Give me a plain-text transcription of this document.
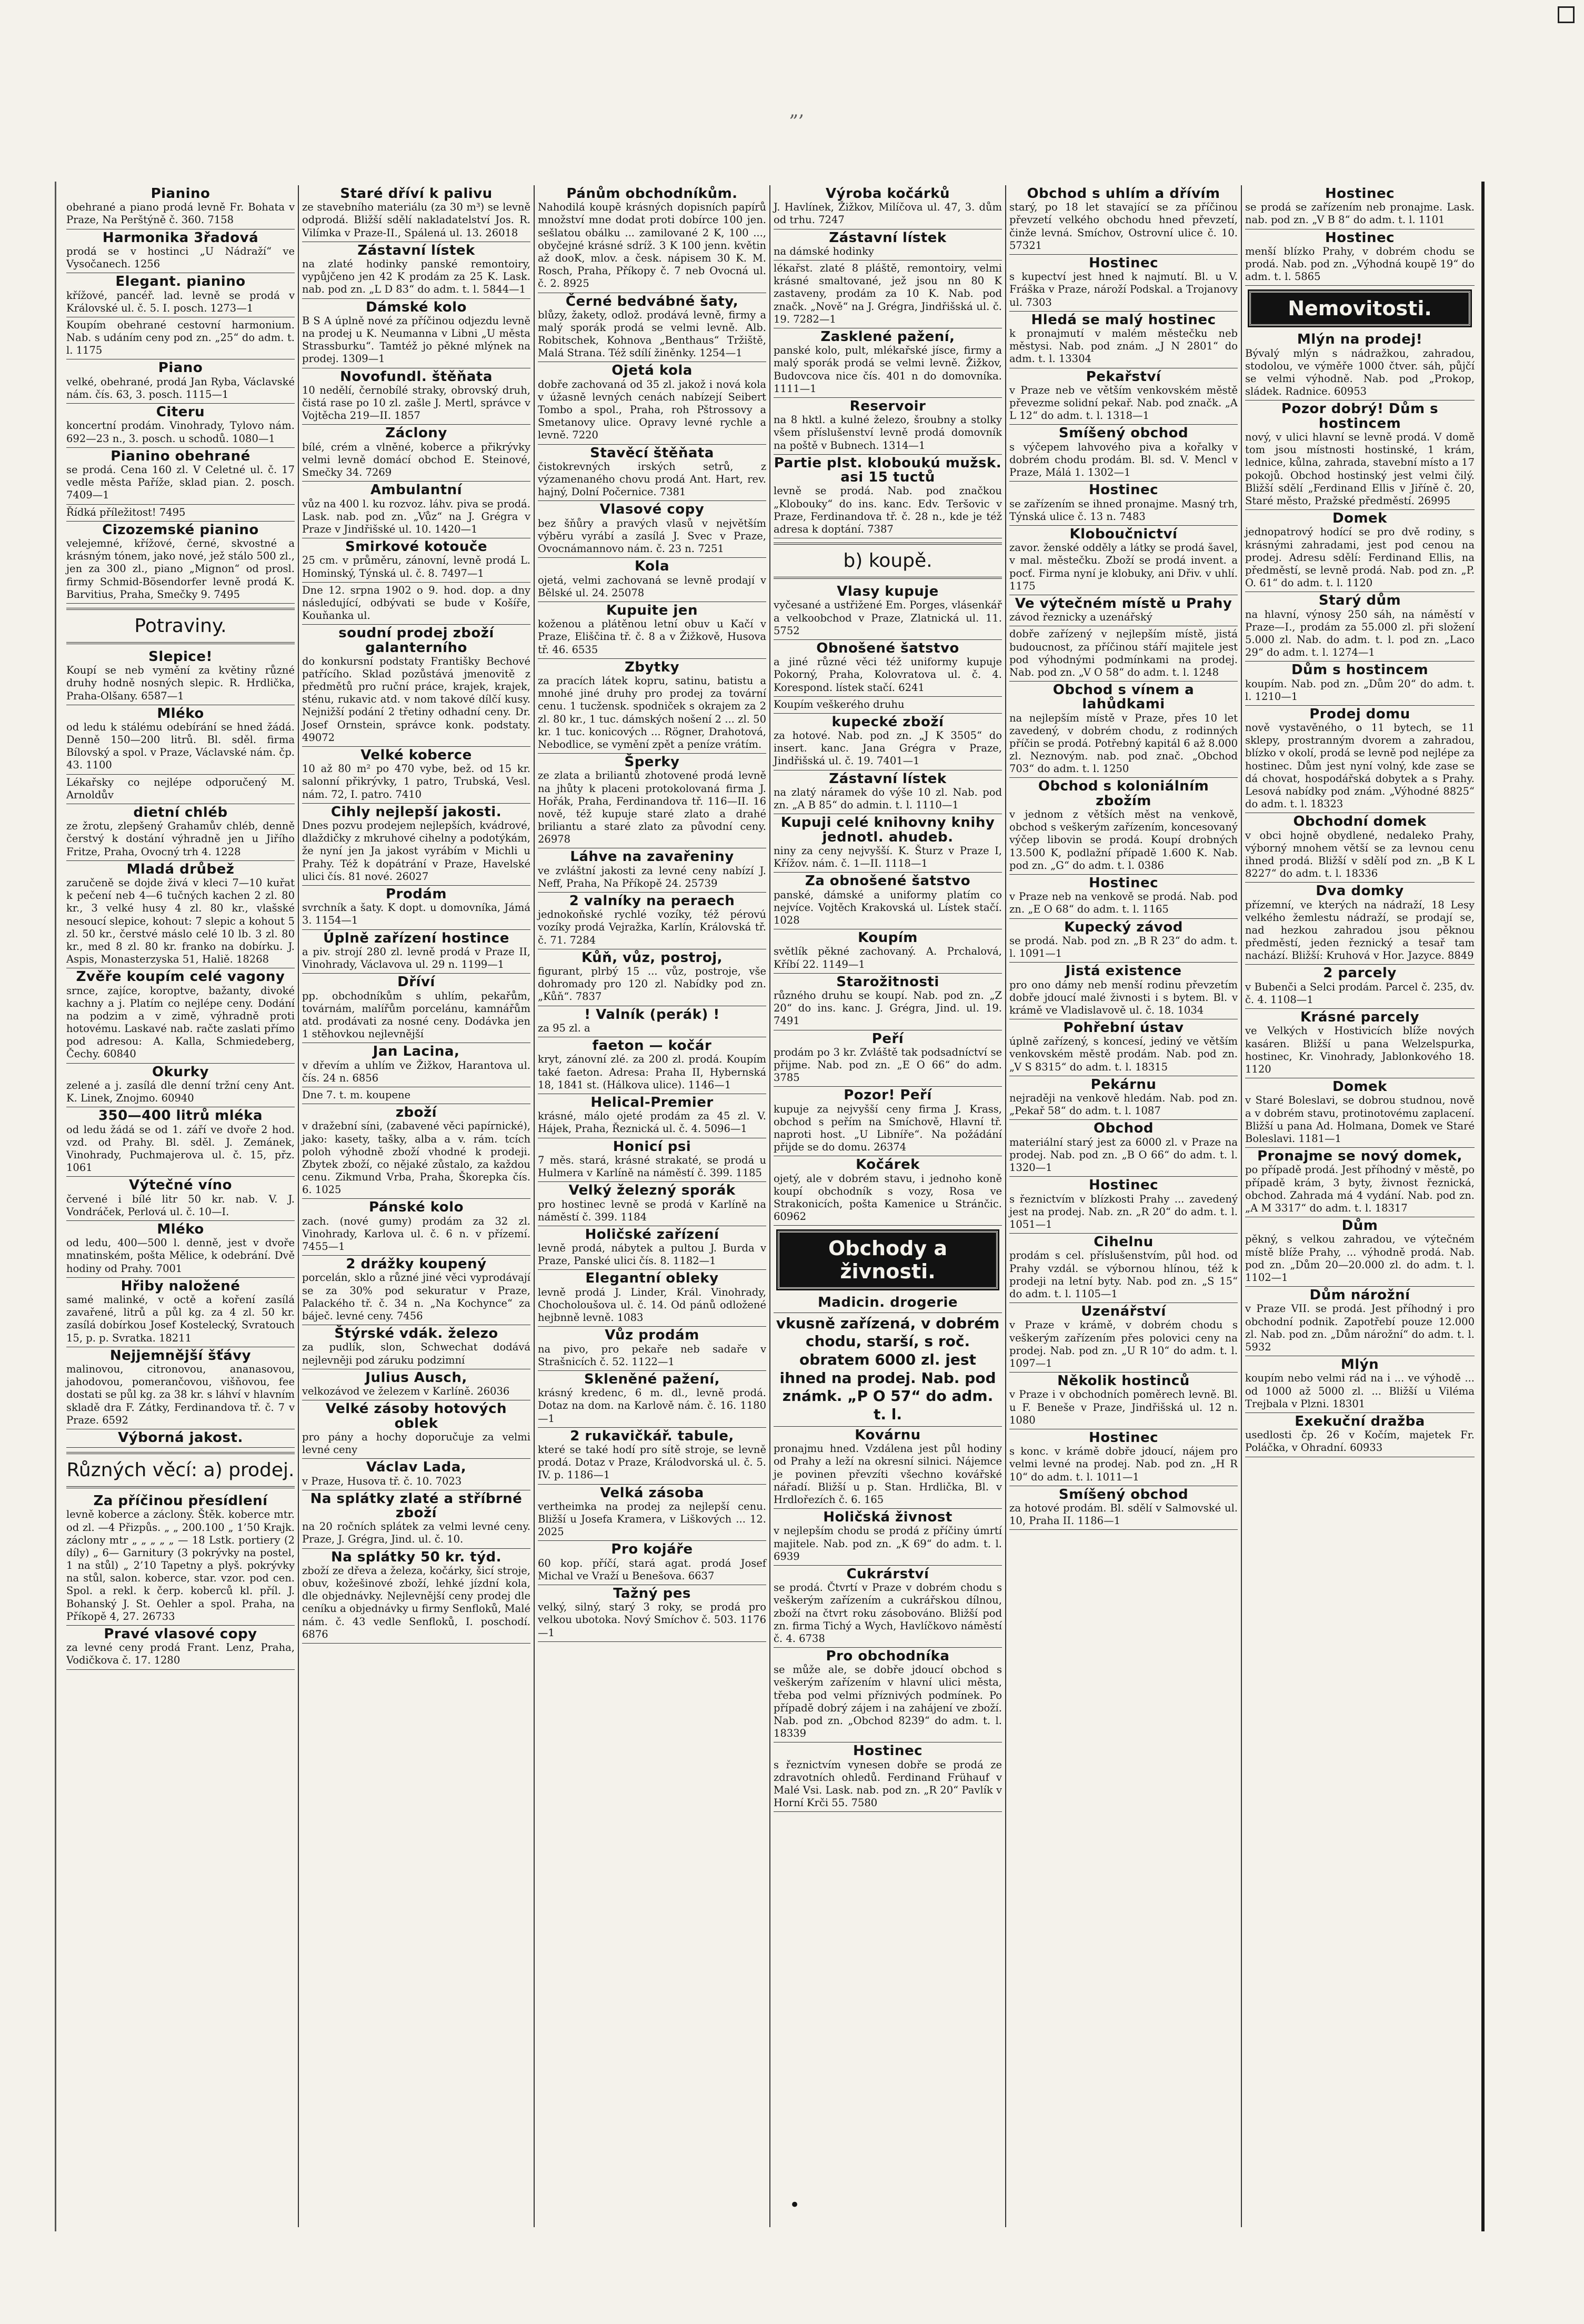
„,
Pianino
obehrané a piano prodá levně Fr. Bohata v Praze, Na Perštýně č. 360. 7158
Harmonika 3řadová
prodá se v hostinci „U Nádraží“ ve Vysočanech. 1256
Elegant. pianino
křížové, pancéř. lad. levně se prodá v Královské ul. č. 5. I. posch. 1273—1
Koupím obehrané cestovní harmonium. Nab. s udáním ceny pod zn. „25“ do adm. t. l. 1175
Piano
velké, obehrané, prodá Jan Ryba, Václavské nám. čís. 63, 3. posch. 1115—1
Citeru
koncertní prodám. Vinohrady, Tylovo nám. 692—23 n., 3. posch. u schodů. 1080—1
Pianino obehrané
se prodá. Cena 160 zl. V Celetné ul. č. 17 vedle města Paříže, sklad pian. 2. posch. 7409—1
Řídká příležitost! 7495
Cizozemské pianino
velejemné, křížové, černé, skvostné a krásným tónem, jako nové, jež stálo 500 zl., jen za 300 zl., piano „Mignon“ od prosl. firmy Schmid-Bösendorfer levně prodá K. Barvitius, Praha, Smečky 9. 7495
Potraviny.
Slepice!
Koupí se neb vymění za květiny různé druhy hodně nosných slepic. R. Hrdlička, Praha-Olšany. 6587—1
Mléko
od ledu k stálému odebírání se hned žádá. Denně 150—200 litrů. Bl. sděl. firma Bílovský a spol. v Praze, Václavské nám. čp. 43. 1100
Lékařsky co nejlépe odporučený M. Arnoldův
dietní chléb
ze žrotu, zlepšený Grahamův chléb, denně čerstvý k dostání výhradně jen u Jiřího Fritze, Praha, Ovocný trh 4. 1228
Mladá drůbež
zaručeně se dojde živá v kleci 7—10 kuřat k pečení neb 4—6 tučných kachen 2 zl. 80 kr., 3 velké husy 4 zl. 80 kr., vlašské nesoucí slepice, kohout: 7 slepic a kohout 5 zl. 50 kr., čerstvé máslo celé 10 lb. 3 zl. 80 kr., med 8 zl. 80 kr. franko na dobírku. J. Aspis, Monasterzyska 51, Haliě. 18268
Zvěře koupím celé vagony
srnce, zajíce, koroptve, bažanty, divoké kachny a j. Platím co nejlépe ceny. Dodání na podzim a v zimě, výhradně proti hotovému. Laskavé nab. račte zaslati přímo pod adresou: A. Kalla, Schmiedeberg, Čechy. 60840
Okurky
zelené a j. zasílá dle denní tržní ceny Ant. K. Linek, Znojmo. 60940
350—400 litrů mléka
od ledu žádá se od 1. září ve dvoře 2 hod. vzd. od Prahy. Bl. sděl. J. Zemánek, Vinohrady, Puchmajerova ul. č. 15, přz. 1061
Výtečné víno
červené i bílé litr 50 kr. nab. V. J. Vondráček, Perlová ul. č. 10—I.
Mléko
od ledu, 400—500 l. denně, jest v dvoře mnatinském, pošta Mělice, k odebrání. Dvě hodiny od Prahy. 7001
Hřiby naložené
samé malinké, v octě a koření zasílá zavařené, litrů a půl kg. za 4 zl. 50 kr. zasílá dobírkou Josef Kostelecký, Svratouch 15, p. p. Svratka. 18211
Nejjemnější šťávy
malinovou, citronovou, ananasovou, jahodovou, pomerančovou, višňovou, fee dostati se půl kg. za 38 kr. s láhví v hlavním skladě dra F. Zátky, Ferdinandova tř. č. 7 v Praze. 6592
Výborná jakost.
Různých věcí: a) prodej.
Za příčinou přesídlení
levně koberce a záclony. Štěk. koberce mtr. od zl. —4 Přizpůs. „ „ 200.100 „ 1’50 Krajk. záclony mtr „ „ „ „ „ — 18 Lstk. portiery (2 díly) „ 6— Garnitury (3 pokrývky na postel, 1 na stůl) „ 2’10 Tapetny a plyš. pokrývky na stůl, salon. koberce, star. vzor. pod cen. Spol. a rekl. k čerp. koberců kl. příl. J. Bohanský J. St. Oehler a spol. Praha, na Příkopě 4, 27. 26733
Pravé vlasové copy
za levné ceny prodá Frant. Lenz, Praha, Vodičkova č. 17. 1280
Staré dříví k palivu
ze stavebního materiálu (za 30 m³) se levně odprodá. Bližší sdělí nakladatelství Jos. R. Vilímka v Praze-II., Spálená ul. 13. 26018
Zástavní lístek
na zlaté hodinky panské remontoiry, vypůjčeno jen 42 K prodám za 25 K. Lask. nab. pod zn. „L D 83“ do adm. t. l. 5844—1
Dámské kolo
B S A úplně nové za příčinou odjezdu levně na prodej u K. Neumanna v Libni „U města Strassburku“. Tamtéž jo pěkné mlýnek na prodej. 1309—1
Novofundl. štěňata
10 nedělí, černobílé straky, obrovský druh, čistá rase po 10 zl. zašle J. Mertl, správce v Vojtěcha 219—II. 1857
Záclony
bílé, crém a vlněné, koberce a přikrývky velmi levně domácí obchod E. Steinové, Smečky 34. 7269
Ambulantní
vůz na 400 l. ku rozvoz. láhv. piva se prodá. Lask. nab. pod zn. „Vůz“ na J. Grégra v Praze v Jindřišské ul. 10. 1420—1
Smirkové kotouče
25 cm. v průměru, zánovní, levně prodá L. Hominský, Týnská ul. č. 8. 7497—1
Dne 12. srpna 1902 o 9. hod. dop. a dny následující, odbývati se bude v Košíře, Kouňanka ul.
soudní prodej zboží galanterního
do konkursní podstaty Františky Bechové patřícího. Sklad pozůstává jmenovitě z předmětů pro ruční práce, krajek, krajek, sténu, rukavic atd. v nom takové dílčí kusy. Nejnižší podání 2 třetiny odhadní ceny. Dr. Josef Ornstein, správce konk. podstaty. 49072
Velké koberce
10 až 80 m² po 470 vybe, bež. od 15 kr. salonní přikrývky, 1 patro, Trubská, Vesl. nám. 72, I. patro. 7410
Cihly nejlepší jakosti.
Dnes pozvu prodejem nejlepších, kvádrové, dlaždičky z mkruhové cihelny a podotýkám, že nyní jen Ja jakost vyrábím v Michli u Prahy. Též k dopátrání v Praze, Havelské ulici čís. 81 nové. 26027
Prodám
svrchník a šaty. K dopt. u domovníka, Jámá 3. 1154—1
Úplně zařízení hostince
a piv. strojí 280 zl. levně prodá v Praze II, Vinohrady, Václavova ul. 29 n. 1199—1
Dříví
pp. obchodníkům s uhlím, pekařům, továrnám, malířům porcelánu, kamnářům atd. prodávati za nosné ceny. Dodávka jen 1 stěhovkou nejlevnější
Jan Lacina,
v dřevím a uhlím ve Žižkov, Harantova ul. čís. 24 n. 6856
Dne 7. t. m. koupene
zboží
v dražební síni, (zabavené věci papírnické), jako: kasety, tašky, alba a v. rám. tcích poloh výhodně zboží vhodné k prodeji. Zbytek zboží, co nějaké zůstalo, za každou cenu. Zikmund Vrba, Praha, Škorepka čís. 6. 1025
Pánské kolo
zach. (nové gumy) prodám za 32 zl. Vinohrady, Karlova ul. č. 6 n. v přízemí. 7455—1
2 drážky koupený
porcelán, sklo a různé jiné věci vyprodávají se za 30% pod sekuratur v Praze, Palackého tř. č. 34 n. „Na Kochynce“ za báječ. levné ceny. 7456
Štýrské vdák. železo
za pudlík, slon, Schwechat dodává nejlevněji pod záruku podzimní
Julius Ausch,
velkozávod ve železem v Karlíně. 26036
Velké zásoby hotových oblek
pro pány a hochy doporučuje za velmi levné ceny
Václav Lada,
v Praze, Husova tř. č. 10. 7023
Na splátky zlaté a stříbrné zboží
na 20 ročních splátek za velmi levné ceny. Praze, J. Grégra, Jind. ul. č. 10.
Na splátky 50 kr. týd.
zboží ze dřeva a železa, kočárky, šicí stroje, obuv, kožešinové zboží, lehké jízdní kola, dle objednávky. Nejlevnější ceny prodej dle ceníku a objednávky u firmy Senfloků, Malé nám. č. 43 vedle Senfloků, I. poschodí. 6876
Pánům obchodníkům.
Nahodilá koupě krásných dopisních papírů množství mne dodat proti dobírce 100 jen. sešlatou obálku ... zamilované 2 K, 100 ..., obyčejné krásné sdríž. 3 K 100 jenn. květin až dooK, mlov. a česk. nápisem 30 K. M. Rosch, Praha, Příkopy č. 7 neb Ovocná ul. č. 2. 8925
Černé bedvábné šaty,
blůzy, žakety, odlož. prodává levně, firmy a malý sporák prodá se velmi levně. Alb. Robitschek, Kohnova „Benthaus“ Tržiště, Malá Strana. Též sdílí žiněnky. 1254—1
Ojetá kola
dobře zachovaná od 35 zl. jakož i nová kola v úžasně levných cenách nabízejí Seibert Tombo a spol., Praha, roh Pštrossovy a Smetanovy ulice. Opravy levné rychle a levně. 7220
Stavěcí štěňata
čistokrevných irských setrů, z výzamenaného chovu prodá Ant. Hart, rev. hajný, Dolní Počernice. 7381
Vlasové copy
bez šňůry a pravých vlasů v největším výběru vyrábí a zasílá J. Svec v Praze, Ovocnámannovo nám. č. 23 n. 7251
Kola
ojetá, velmi zachovaná se levně prodají v Bělské ul. 24. 25078
Kupuite jen
koženou a plátěnou letní obuv u Kačí v Praze, Eliščina tř. č. 8 a v Žižkově, Husova tř. 46. 6535
Zbytky
za pracích látek kopru, satinu, batistu a mnohé jiné druhy pro prodej za tovární cenu. 1 tucžensk. spodniček s okrajem za 2 zl. 80 kr., 1 tuc. dámských nošení 2 ... zl. 50 kr. 1 tuc. konicových ... Rögner, Drahotová, Nebodlice, se vymění zpět a peníze vrátím.
Šperky
ze zlata a briliantů zhotovené prodá levně na jhůty k placeni protokolovaná firma J. Hořák, Praha, Ferdinandova tř. 116—II. 16 nově, též kupuje staré zlato a drahé briliantu a staré zlato za původní ceny. 26978
Láhve na zavařeniny
ve zvláštní jakosti za levné ceny nabízí J. Neff, Praha, Na Příkopě 24. 25739
2 valníky na peraech
jednokoňské rychlé vozíky, též pérovú vozíky prodá Vejražka, Karlín, Královská tř. č. 71. 7284
Kůň, vůz, postroj,
figurant, plrbý 15 ... vůz, postroje, vše dohromady pro 120 zl. Nabídky pod zn. „Kůň“. 7837
! Valník (perák) !
za 95 zl. a
faeton — kočár
kryt, zánovní zlé. za 200 zl. prodá. Koupím také faeton. Adresa: Praha II, Hybernská 18, 1841 st. (Hálkova ulice). 1146—1
Helical-Premier
krásné, málo ojeté prodám za 45 zl. V. Hájek, Praha, Řeznická ul. č. 4. 5096—1
Honicí psi
7 měs. stará, krásné strakaté, se prodá u Hulmera v Karlíně na náměstí č. 399. 1185
Velký železný sporák
pro hostinec levně se prodá v Karlíně na náměstí č. 399. 1184
Holičské zařízení
levně prodá, nábytek a pultou J. Burda v Praze, Panské ulici čís. 8. 1182—1
Elegantní obleky
levně prodá J. Linder, Král. Vinohrady, Chocholoušova ul. č. 14. Od pánů odložené hejbnně levně. 1083
Vůz prodám
na pivo, pro pekaře neb sadaře v Strašnicích č. 52. 1122—1
Skleněné pažení,
krásný kredenc, 6 m. dl., levně prodá. Dotaz na dom. na Karlově nám. č. 16. 1180—1
2 rukavičkář. tabule,
které se také hodí pro sítě stroje, se levně prodá. Dotaz v Praze, Králodvorská ul. č. 5. IV. p. 1186—1
Velká zásoba
vertheimka na prodej za nejlepší cenu. Bližší u Josefa Kramera, v Liškových ... 12. 2025
Pro kojáře
60 kop. příčí, stará agat. prodá Josef Michal ve Vraží u Benešova. 6637
Tažný pes
velký, silný, starý 3 roky, se prodá pro velkou ubotoka. Nový Smíchov č. 503. 1176—1
Výroba kočárků
J. Havlínek, Žižkov, Milíčova ul. 47, 3. dům od trhu. 7247
Zástavní lístek
na dámské hodinky
lékařst. zlaté 8 pláště, remontoiry, velmi krásné smaltované, jež jsou nn 80 K zastaveny, prodám za 10 K. Nab. pod značk. „Nově“ na J. Grégra, Jindřišská ul. č. 19. 7282—1
Zasklené pažení,
panské kolo, pult, mlékařské jísce, firmy a malý sporák prodá se velmi levně. Žižkov, Budovcova nice čís. 401 n do domovníka. 1111—1
Reservoir
na 8 hktl. a kulné železo, šroubny a stolky všem příslušenství levně prodá domovník na poště v Bubnech. 1314—1
Partie plst. kloboukú mužsk. asi 15 tuctů
levně se prodá. Nab. pod značkou „Klobouky“ do ins. kanc. Edv. Teršovic v Praze, Ferdinandova tř. č. 28 n., kde je též adresa k doptání. 7387
b) koupě.
Vlasy kupuje
vyčesané a ustřižené Em. Porges, vlásenkář a velkoobchod v Praze, Zlatnická ul. 11. 5752
Obnošené šatstvo
a jiné různé věci též uniformy kupuje Pokorný, Praha, Kolovratova ul. č. 4. Korespond. lístek stačí. 6241
Koupím veškerého druhu
kupecké zboží
za hotové. Nab. pod zn. „J K 3505“ do insert. kanc. Jana Grégra v Praze, Jindřišská ul. č. 19. 7401—1
Zástavní lístek
na zlatý náramek do výše 10 zl. Nab. pod zn. „A B 85“ do admin. t. l. 1110—1
Kupuji celé knihovny knihy jednotl. ahudeb.
niny za ceny nejvyšší. K. Šturz v Praze I, Křížov. nám. č. 1—II. 1118—1
Za obnošené šatstvo
panské, dámské a uniformy platím co nejvíce. Vojtěch Krakovská ul. Lístek stačí. 1028
Koupím
světlík pěkné zachovaný. A. Prchalová, Kříbí 22. 1149—1
Starožitnosti
různého druhu se koupí. Nab. pod zn. „Z 20“ do ins. kanc. J. Grégra, Jind. ul. 19. 7491
Peří
prodám po 3 kr. Zvláště tak podsadníctví se přijme. Nab. pod zn. „E O 66“ do adm. 3785
Pozor! Peří
kupuje za nejvyšší ceny firma J. Krass, obchod s peřím na Smíchově, Hlavní tř. naproti host. „U Libníře“. Na požádání přijde se do domu. 26374
Kočárek
ojetý, ale v dobrém stavu, i jednoho koně koupí obchodník s vozy, Rosa ve Strakonicích, pošta Kamenice u Stránčic. 60962
Obchody a živnosti.
Madicin. drogerie
vkusně zařízená, v dobrém chodu, starší, s roč. obratem 6000 zl. jest ihned na prodej. Nab. pod známk. „P O 57“ do adm. t. l.
Kovárnu
pronajmu hned. Vzdálena jest půl hodiny od Prahy a leží na okresní silnici. Nájemce je povinen převzíti všechno kovářské nářadí. Bližší u p. Stan. Hrdlička, Bl. v Hrdlořezích č. 6. 165
Holičská živnost
v nejlepším chodu se prodá z příčiny úmrtí majitele. Nab. pod zn. „K 69“ do adm. t. l. 6939
Cukrárství
se prodá. Čtvrtí v Praze v dobrém chodu s veškerým zařízením a cukrářskou dílnou, zboží na čtvrt roku zásobováno. Bližší pod zn. firma Tichý a Wych, Havlíčkovo náměstí č. 4. 6738
Pro obchodníka
se může ale, se dobře jdoucí obchod s veškerým zařízením v hlavní ulici města, třeba pod velmi příznivých podmínek. Po případě dobrý zájem i na zahájení ve zboží. Nab. pod zn. „Obchod 8239“ do adm. t. l. 18339
Hostinec
s řeznictvím vynesen dobře se prodá ze zdravotních ohledů. Ferdinand Frühauf v Malé Vsi. Lask. nab. pod zn. „R 20“ Pavlík v Horní Krči 55. 7580
Obchod s uhlím a dřívím
starý, po 18 let stavající se za příčinou převzetí velkého obchodu hned převzetí, činže levná. Smíchov, Ostrovní ulice č. 10. 57321
Hostinec
s kupectví jest hned k najmutí. Bl. u V. Fráška v Praze, nároží Podskal. a Trojanovy ul. 7303
Hledá se malý hostinec
k pronajmutí v malém městečku neb městysi. Nab. pod znám. „J N 2801“ do adm. t. l. 13304
Pekařství
v Praze neb ve větším venkovském městě převezme solidní pekař. Nab. pod značk. „A L 12“ do adm. t. l. 1318—1
Smíšený obchod
s výčepem lahvového piva a kořalky v dobrém chodu prodám. Bl. sd. V. Mencl v Praze, Málá 1. 1302—1
Hostinec
se zařízením se ihned pronajme. Masný trh, Týnská ulice č. 13 n. 7483
Kloboučnictví
zavor. ženské odděly a látky se prodá šavel, v mal. městečku. Zboží se prodá invent. a pocť. Firma nyní je klobuky, ani Dřiv. v uhlí. 1175
Ve výtečném místě u Prahy
závod řeznicky a uzenářský
dobře zařízený v nejlepším místě, jistá budoucnost, za příčinou stáří majitele jest pod výhodnými podmínkami na prodej. Nab. pod zn. „V O 58“ do adm. t. l. 1248
Obchod s vínem a lahůdkami
na nejlepším místě v Praze, přes 10 let zavedený, v dobrém chodu, z rodinných příčin se prodá. Potřebný kapitál 6 až 8.000 zl. Neznovým. nab. pod znač. „Obchod 703“ do adm. t. l. 1250
Obchod s koloniálním zbožím
v jednom z větších měst na venkově, obchod s veškerým zařízením, koncesovaný výčep libovin se prodá. Koupí drobných 13.500 K, podlažní případě 1.600 K. Nab. pod zn. „G“ do adm. t. l. 0386
Hostinec
v Praze neb na venkově se prodá. Nab. pod zn. „E O 68“ do adm. t. l. 1165
Kupecký závod
se prodá. Nab. pod zn. „B R 23“ do adm. t. l. 1091—1
Jistá existence
pro ono dámy neb menší rodinu převzetím dobře jdoucí malé živnosti i s bytem. Bl. v krámě ve Vladislavově ul. č. 18. 1034
Pohřební ústav
úplně zařízený, s koncesí, jediný ve větším venkovském městě prodám. Nab. pod zn. „V S 8315“ do adm. t. l. 18315
Pekárnu
nejraději na venkově hledám. Nab. pod zn. „Pekař 58“ do adm. t. l. 1087
Obchod
materiální starý jest za 6000 zl. v Praze na prodej. Nab. pod zn. „B O 66“ do adm. t. l. 1320—1
Hostinec
s řeznictvím v blízkosti Prahy ... zavedený jest na prodej. Nab. zn. „R 20“ do adm. t. l. 1051—1
Cihelnu
prodám s cel. příslušenstvím, půl hod. od Prahy vzdál. se výbornou hlínou, též k prodeji na letní byty. Nab. pod zn. „S 15“ do adm. t. l. 1105—1
Uzenářství
v Praze v krámě, v dobrém chodu s veškerým zařízením přes polovici ceny na prodej. Nab. pod zn. „U R 10“ do adm. t. l. 1097—1
Několik hostinců
v Praze i v obchodních poměrech levně. Bl. u F. Beneše v Praze, Jindřišská ul. 12 n. 1080
Hostinec
s konc. v krámě dobře jdoucí, nájem pro velmi levné na prodej. Nab. pod zn. „H R 10“ do adm. t. l. 1011—1
Smíšený obchod
za hotové prodám. Bl. sdělí v Salmovské ul. 10, Praha II. 1186—1
Hostinec
se prodá se zařízením neb pronajme. Lask. nab. pod zn. „V B 8“ do adm. t. l. 1101
Hostinec
menší blízko Prahy, v dobrém chodu se prodá. Nab. pod zn. „Výhodná koupě 19“ do adm. t. l. 5865
Nemovitosti.
Mlýn na prodej!
Bývalý mlýn s nádražkou, zahradou, stodolou, ve výměře 1000 čtver. sáh, půjčí se velmi výhodně. Nab. pod „Prokop, sládek. Radnice. 60953
Pozor dobrý! Dům s hostincem
nový, v ulici hlavní se levně prodá. V domě tom jsou místnosti hostinské, 1 krám, lednice, kůlna, zahrada, stavební místo a 17 pokojů. Obchod hostinský jest velmi čilý. Bližší sdělí „Ferdinand Ellis v Jiříně č. 20, Staré město, Pražské předměstí. 26995
Domek
jednopatrový hodící se pro dvě rodiny, s krásnými zahradami, jest pod cenou na prodej. Adresu sdělí: Ferdinand Ellis, na předměstí, se levně prodá. Nab. pod zn. „P. O. 61“ do adm. t. l. 1120
Starý dům
na hlavní, výnosy 250 sáh, na náměstí v Praze—I., prodám za 55.000 zl. při složení 5.000 zl. Nab. do adm. t. l. pod zn. „Laco 29“ do adm. t. l. 1274—1
Dům s hostincem
koupím. Nab. pod zn. „Dům 20“ do adm. t. l. 1210—1
Prodej domu
nově vystavěného, o 11 bytech, se 11 sklepy, prostranným dvorem a zahradou, blízko v okolí, prodá se levně pod nejlépe za hostinec. Dům jest nyní volný, kde zase se dá chovat, hospodářská dobytek a s Prahy. Lesová nabídky pod znám. „Výhodné 8825“ do adm. t. l. 18323
Obchodní domek
v obci hojně obydlené, nedaleko Prahy, výborný mnohem větší se za levnou cenu ihned prodá. Bližší v sdělí pod zn. „B K L 8227“ do adm. t. l. 18336
Dva domky
přízemní, ve kterých na nádraží, 18 Lesy velkého žemlestu nádraží, se prodají se, nad hezkou zahradou jsou pěknou předměstí, jeden řeznický a tesař tam nachází. Bližší: Kruhová v Hor. Jazyce. 8849
2 parcely
v Bubenči a Selci prodám. Parcel č. 235, dv. č. 4. 1108—1
Krásné parcely
ve Velkých v Hostivicích blíže nových kasáren. Bližší u pana Welzelspurka, hostinec, Kr. Vinohrady, Jablonkového 18. 1120
Domek
v Staré Boleslavi, se dobrou studnou, nově a v dobrém stavu, protinotovému zaplacení. Bližší u pana Ad. Holmana, Domek ve Staré Boleslavi. 1181—1
Pronajme se nový domek,
po případě prodá. Jest příhodný v městě, po případě krám, 3 byty, živnost řeznická, obchod. Zahrada má 4 vydání. Nab. pod zn. „A M 3317“ do adm. t. l. 18317
Dům
pěkný, s velkou zahradou, ve výtečném místě blíže Prahy, ... výhodně prodá. Nab. pod zn. „Dům 20—20.000 zl. do adm. t. l. 1102—1
Dům nárožní
v Praze VII. se prodá. Jest příhodný i pro obchodní podnik. Zapotřebí pouze 12.000 zl. Nab. pod zn. „Dům nárožní“ do adm. t. l. 5932
Mlýn
koupím nebo velmi rád na i ... ve výhodě ... od 1000 až 5000 zl. ... Bližší u Viléma Trejbala v Plzni. 18301
Exekuční dražba
usedlosti čp. 26 v Kočím, majetek Fr. Poláčka, v Ohradní. 60933
•
